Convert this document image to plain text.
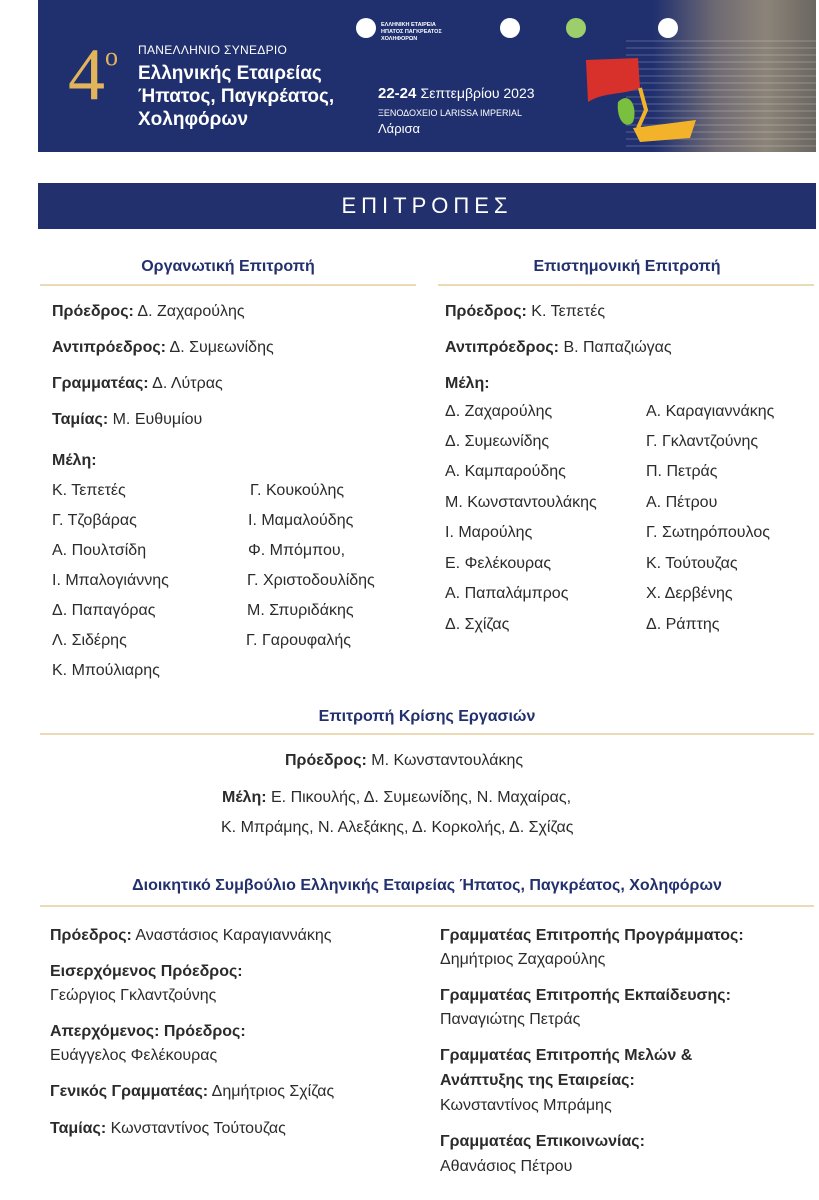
$4^o$ ΠΑΝΕΛΛΗΝΙΟ ΣΥΝΕΔΡΙΟ
Ελληνικής Εταιρείας
Ήπατος, Παγκρέατος,
Χοληφόρων
ΕΛΛΗΝΙΚΗ ΕΤΑΙΡΕΙΑ
ΗΠΑΤΟΣ ΠΑΓΚΡΕΑΤΟΣ
ΧΟΛΗΦΟΡΩΝ
22-24 Σεπτεμβρίου 2023
ΞΕΝΟΔΟΧΕΙΟ LARISSA IMPERIAL
Λάρισα
ΕΠΙΤΡΟΠΕΣ
Οργανωτική Επιτροπή
Πρόεδρος: Δ. Ζαχαρούλης
Αντιπρόεδρος: Δ. Συμεωνίδης
Γραμματέας: Δ. Λύτρας
Ταμίας: Μ. Ευθυμίου
Μέλη:
Κ. Τεπετές
Γ. Τζοβάρας
Α. Πουλτσίδη
Ι. Μπαλογιάννης
Δ. Παπαγόρας
Λ. Σιδέρης
Κ. Μπούλιαρης
Γ. Κουκούλης
Ι. Μαμαλούδης
Φ. Μπόμπου,
Γ. Χριστοδουλίδης
Μ. Σπυριδάκης
Γ. Γαρουφαλής
Επιστημονική Επιτροπή
Πρόεδρος: Κ. Τεπετές
Αντιπρόεδρος: Β. Παπαζιώγας
Μέλη:
Δ. Ζαχαρούλης
Δ. Συμεωνίδης
Α. Καμπαρούδης
Μ. Κωνσταντουλάκης
Ι. Μαρούλης
Ε. Φελέκουρας
Α. Παπαλάμπρος
Δ. Σχίζας
Α. Καραγιαννάκης
Γ. Γκλαντζούνης
Π. Πετράς
Α. Πέτρου
Γ. Σωτηρόπουλος
Κ. Τούτουζας
Χ. Δερβένης
Δ. Ράπτης
Επιτροπή Κρίσης Εργασιών
Πρόεδρος: Μ. Κωνσταντουλάκης
Μέλη: Ε. Πικουλής, Δ. Συμεωνίδης, Ν. Μαχαίρας,
Κ. Μπράμης, Ν. Αλεξάκης, Δ. Κορκολής, Δ. Σχίζας
Διοικητικό Συμβούλιο Ελληνικής Εταιρείας Ήπατος, Παγκρέατος, Χοληφόρων
Πρόεδρος: Αναστάσιος Καραγιαννάκης
Εισερχόμενος Πρόεδρος:
Γεώργιος Γκλαντζούνης
Απερχόμενος: Πρόεδρος:
Ευάγγελος Φελέκουρας
Γενικός Γραμματέας: Δημήτριος Σχίζας
Ταμίας: Κωνσταντίνος Τούτουζας
Γραμματέας Επιτροπής Προγράμματος:
Δημήτριος Ζαχαρούλης
Γραμματέας Επιτροπής Εκπαίδευσης:
Παναγιώτης Πετράς
Γραμματέας Επιτροπής Μελών &
Ανάπτυξης της Εταιρείας:
Κωνσταντίνος Μπράμης
Γραμματέας Επικοινωνίας:
Αθανάσιος Πέτρου
